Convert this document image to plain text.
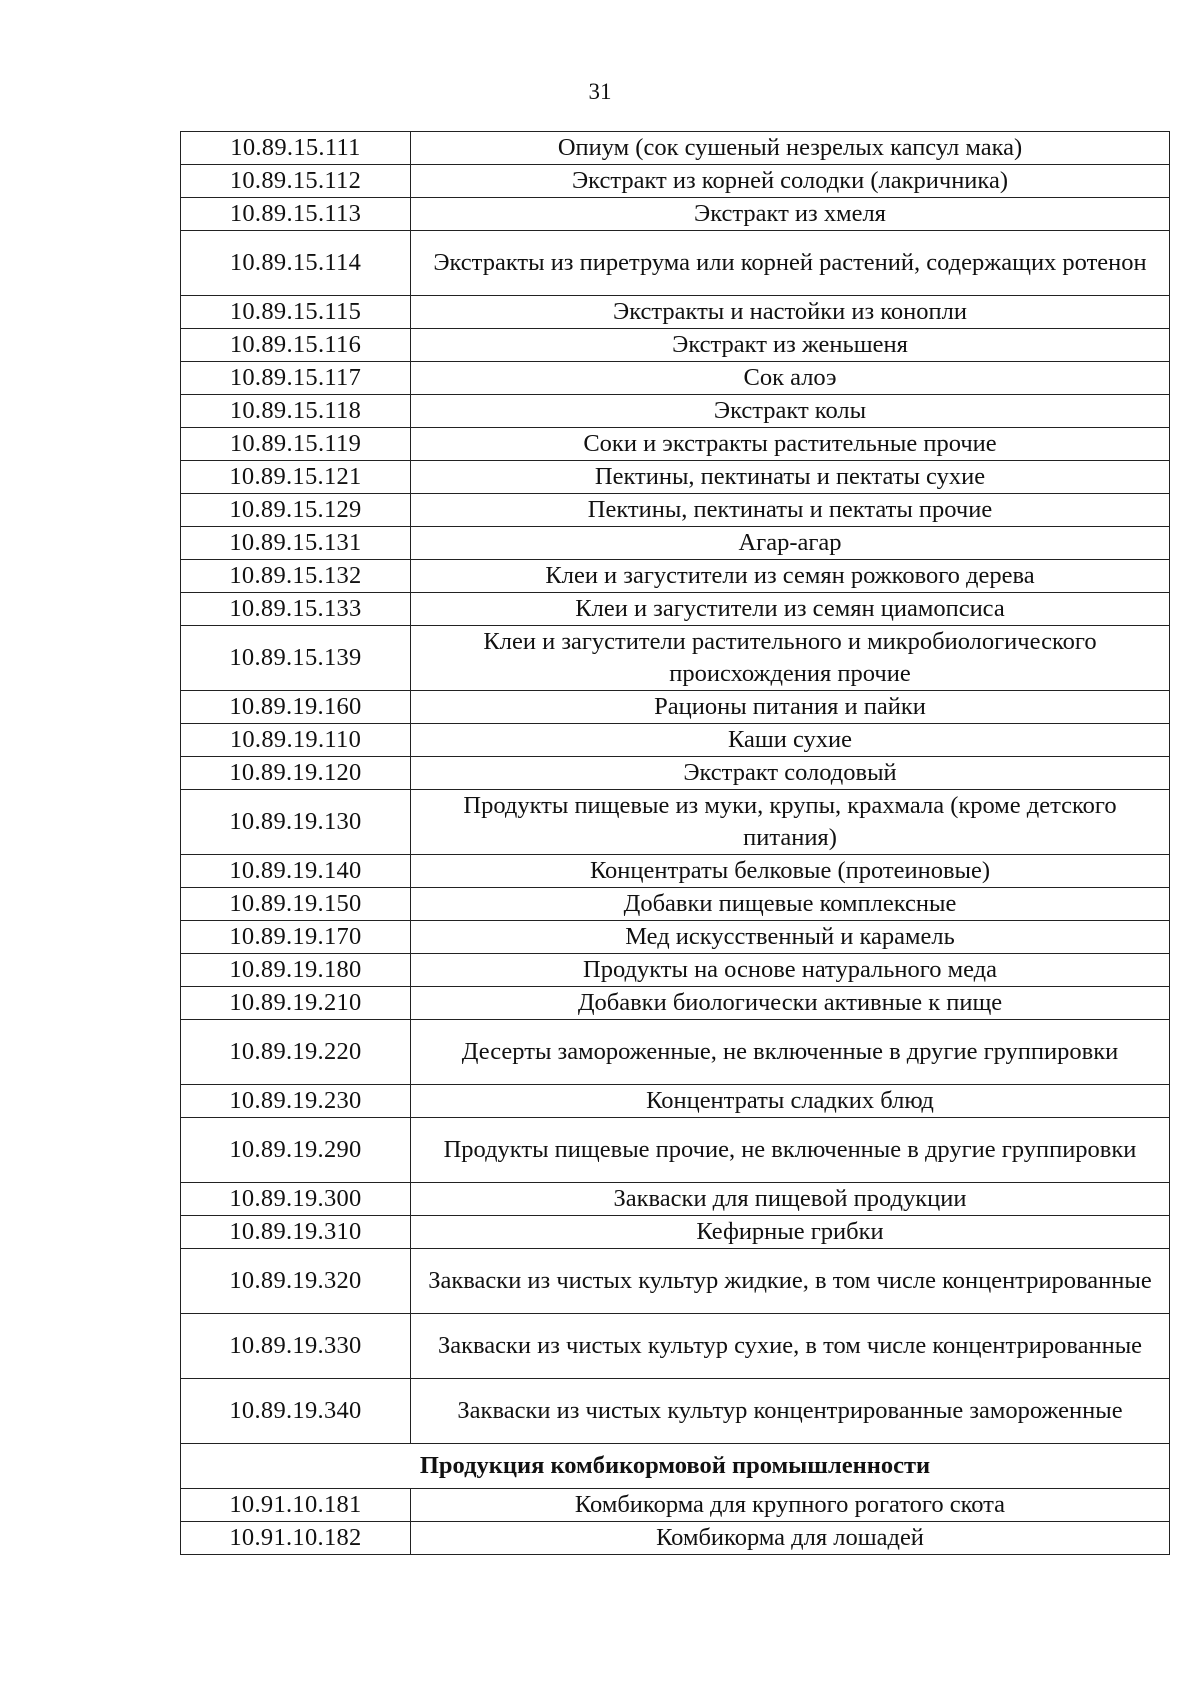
31
10.89.15.111	Опиум (сок сушеный незрелых капсул мака)
10.89.15.112	Экстракт из корней солодки (лакричника)
10.89.15.113	Экстракт из хмеля
10.89.15.114	Экстракты из пиретрума или корней растений, содержащих ротенон
10.89.15.115	Экстракты и настойки из конопли
10.89.15.116	Экстракт из женьшеня
10.89.15.117	Сок алоэ
10.89.15.118	Экстракт колы
10.89.15.119	Соки и экстракты растительные прочие
10.89.15.121	Пектины, пектинаты и пектаты сухие
10.89.15.129	Пектины, пектинаты и пектаты прочие
10.89.15.131	Агар-агар
10.89.15.132	Клеи и загустители из семян рожкового дерева
10.89.15.133	Клеи и загустители из семян циамопсиса
10.89.15.139	Клеи и загустители растительного и микробиологического происхождения прочие
10.89.19.160	Рационы питания и пайки
10.89.19.110	Каши сухие
10.89.19.120	Экстракт солодовый
10.89.19.130	Продукты пищевые из муки, крупы, крахмала (кроме детского питания)
10.89.19.140	Концентраты белковые (протеиновые)
10.89.19.150	Добавки пищевые комплексные
10.89.19.170	Мед искусственный и карамель
10.89.19.180	Продукты на основе натурального меда
10.89.19.210	Добавки биологически активные к пище
10.89.19.220	Десерты замороженные, не включенные в другие группировки
10.89.19.230	Концентраты сладких блюд
10.89.19.290	Продукты пищевые прочие, не включенные в другие группировки
10.89.19.300	Закваски для пищевой продукции
10.89.19.310	Кефирные грибки
10.89.19.320	Закваски из чистых культур жидкие, в том числе концентрированные
10.89.19.330	Закваски из чистых культур сухие, в том числе концентрированные
10.89.19.340	Закваски из чистых культур концентрированные замороженные
Продукция комбикормовой промышленности	
10.91.10.181	Комбикорма для крупного рогатого скота
10.91.10.182	Комбикорма для лошадей
